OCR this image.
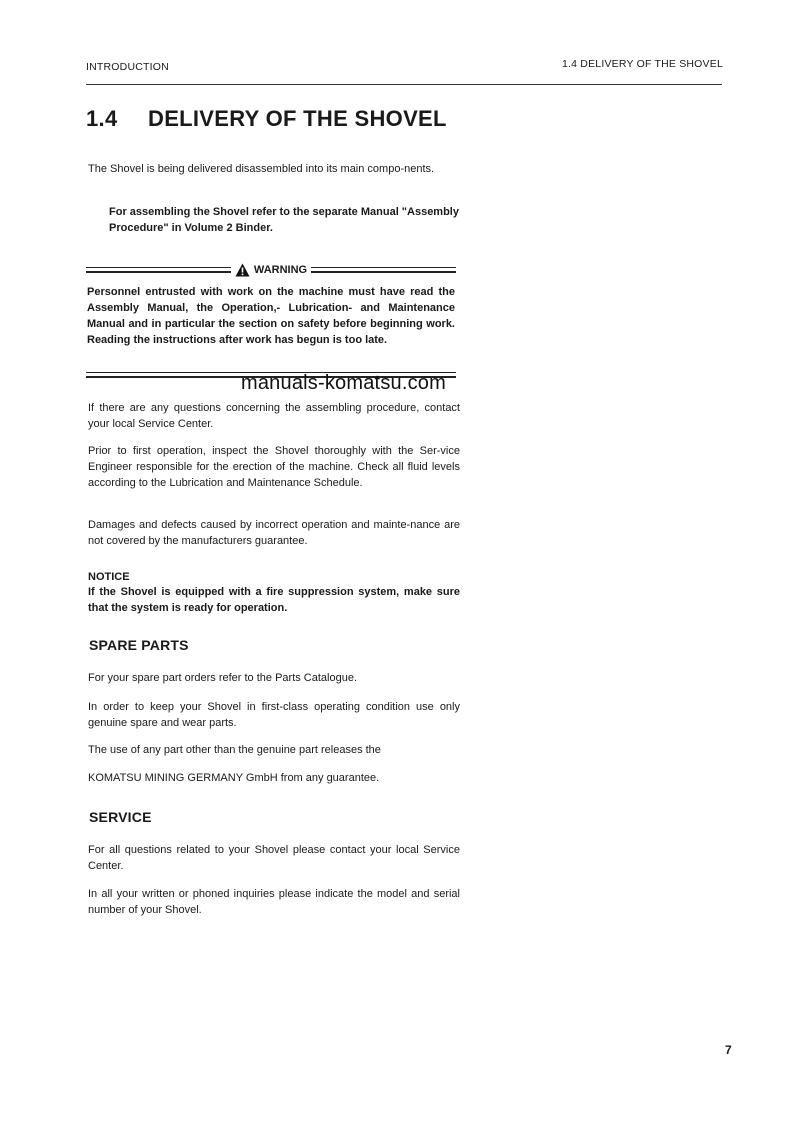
INTRODUCTION	1.4 DELIVERY OF THE SHOVEL
1.4 DELIVERY OF THE SHOVEL
The Shovel is being delivered disassembled into its main compo-nents.
For assembling the Shovel refer to the separate Manual "Assembly Procedure" in Volume 2 Binder.
WARNING
Personnel entrusted with work on the machine must have read the Assembly Manual, the Operation,- Lubrication- and Maintenance Manual and in particular the section on safety before beginning work. Reading the instructions after work has begun is too late.
manuals-komatsu.com
If there are any questions concerning the assembling procedure, contact your local Service Center.
Prior to first operation, inspect the Shovel thoroughly with the Ser-vice Engineer responsible for the erection of the machine. Check all fluid levels according to the Lubrication and Maintenance Schedule.
Damages and defects caused by incorrect operation and mainte-nance are not covered by the manufacturers guarantee.
NOTICE
If the Shovel is equipped with a fire suppression system, make sure that the system is ready for operation.
SPARE PARTS
For your spare part orders refer to the Parts Catalogue.
In order to keep your Shovel in first-class operating condition use only genuine spare and wear parts.
The use of any part other than the genuine part releases the
KOMATSU MINING GERMANY GmbH from any guarantee.
SERVICE
For all questions related to your Shovel please contact your local Service Center.
In all your written or phoned inquiries please indicate the model and serial number of your Shovel.
7
